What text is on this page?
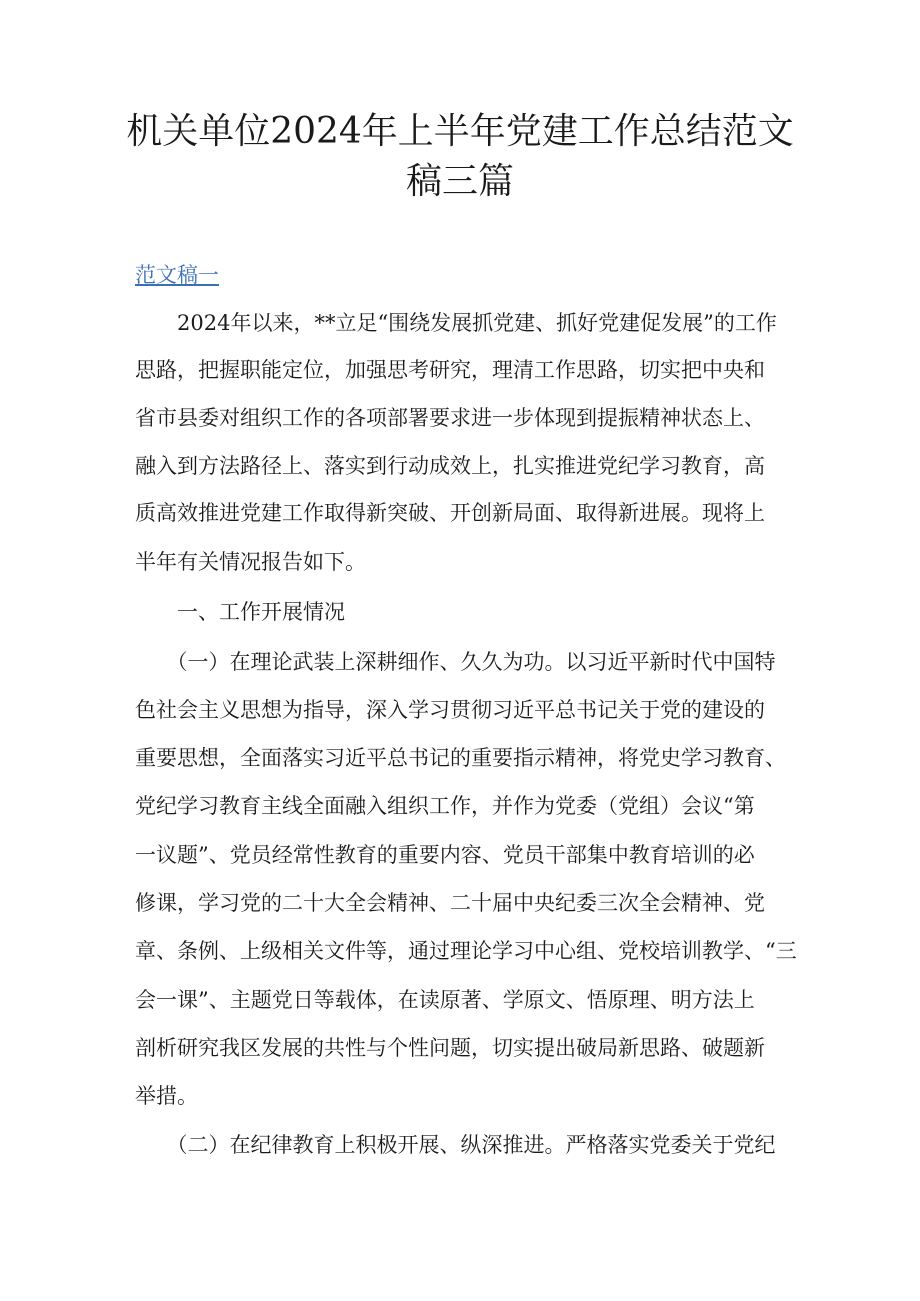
机关单位2024年上半年党建工作总结范文
稿三篇
范文稿一
　　2024年以来，**立足“围绕发展抓党建、抓好党建促发展”的工作
思路，把握职能定位，加强思考研究，理清工作思路，切实把中央和
省市县委对组织工作的各项部署要求进一步体现到提振精神状态上、
融入到方法路径上、落实到行动成效上，扎实推进党纪学习教育，高
质高效推进党建工作取得新突破、开创新局面、取得新进展。现将上
半年有关情况报告如下。
　　一、工作开展情况
　　（一）在理论武装上深耕细作、久久为功。以习近平新时代中国特
色社会主义思想为指导，深入学习贯彻习近平总书记关于党的建设的
重要思想，全面落实习近平总书记的重要指示精神，将党史学习教育、
党纪学习教育主线全面融入组织工作，并作为党委（党组）会议“第
一议题”、党员经常性教育的重要内容、党员干部集中教育培训的必
修课，学习党的二十大全会精神、二十届中央纪委三次全会精神、党
章、条例、上级相关文件等，通过理论学习中心组、党校培训教学、“三
会一课”、主题党日等载体，在读原著、学原文、悟原理、明方法上
剖析研究我区发展的共性与个性问题，切实提出破局新思路、破题新
举措。
　　（二）在纪律教育上积极开展、纵深推进。严格落实党委关于党纪
